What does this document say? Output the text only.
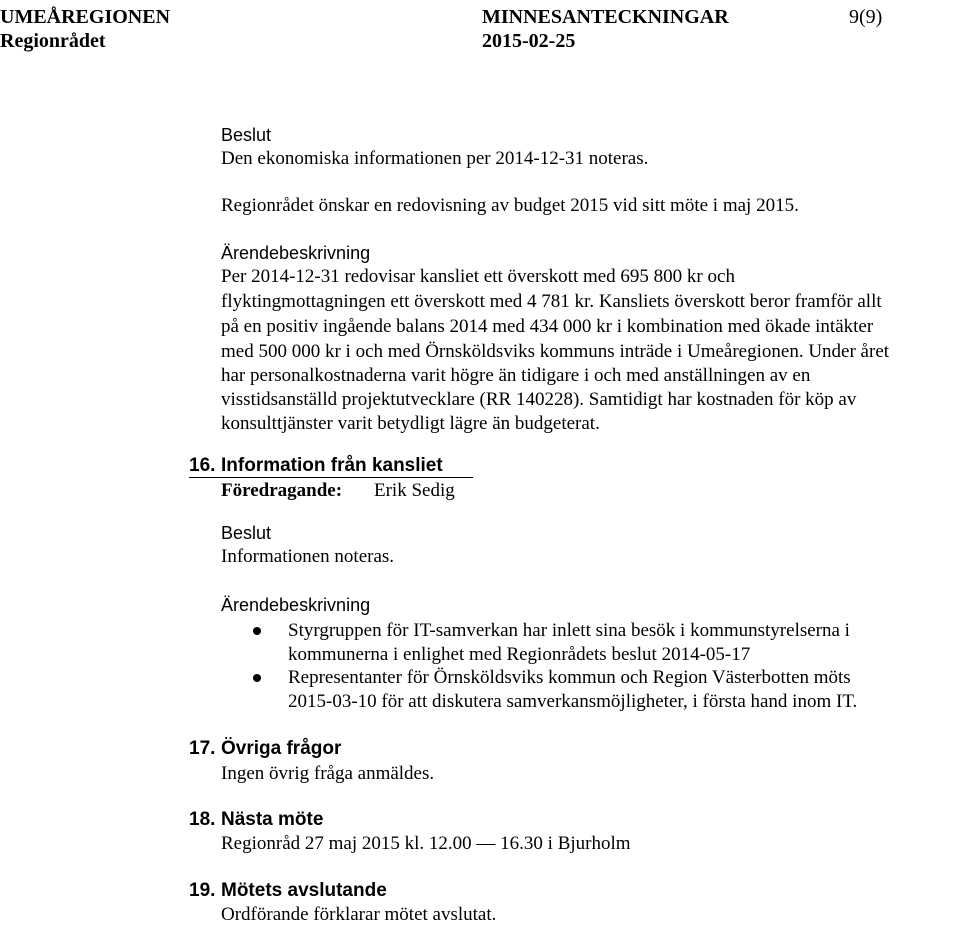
UMEÅREGIONEN	MINNESANTECKNINGAR	9(9)
Regionrådet	2015-02-25
Beslut
Den ekonomiska informationen per 2014-12-31 noteras.
Regionrådet önskar en redovisning av budget 2015 vid sitt möte i maj 2015.
Ärendebeskrivning
Per 2014-12-31 redovisar kansliet ett överskott med 695 800 kr och
flyktingmottagningen ett överskott med 4 781 kr. Kansliets överskott beror framför allt
på en positiv ingående balans 2014 med 434 000 kr i kombination med ökade intäkter
med 500 000 kr i och med Örnsköldsviks kommuns inträde i Umeåregionen. Under året
har personalkostnaderna varit högre än tidigare i och med anställningen av en
visstidsanställd projektutvecklare (RR 140228). Samtidigt har kostnaden för köp av
konsulttjänster varit betydligt lägre än budgeterat.
16. Information från kansliet
Föredragande: Erik Sedig
Beslut
Informationen noteras.
Ärendebeskrivning
Styrgruppen för IT-samverkan har inlett sina besök i kommunstyrelserna i
kommunerna i enlighet med Regionrådets beslut 2014-05-17
Representanter för Örnsköldsviks kommun och Region Västerbotten möts
2015-03-10 för att diskutera samverkansmöjligheter, i första hand inom IT.
17. Övriga frågor
Ingen övrig fråga anmäldes.
18. Nästa möte
Regionråd 27 maj 2015 kl. 12.00 — 16.30 i Bjurholm
19. Mötets avslutande
Ordförande förklarar mötet avslutat.
